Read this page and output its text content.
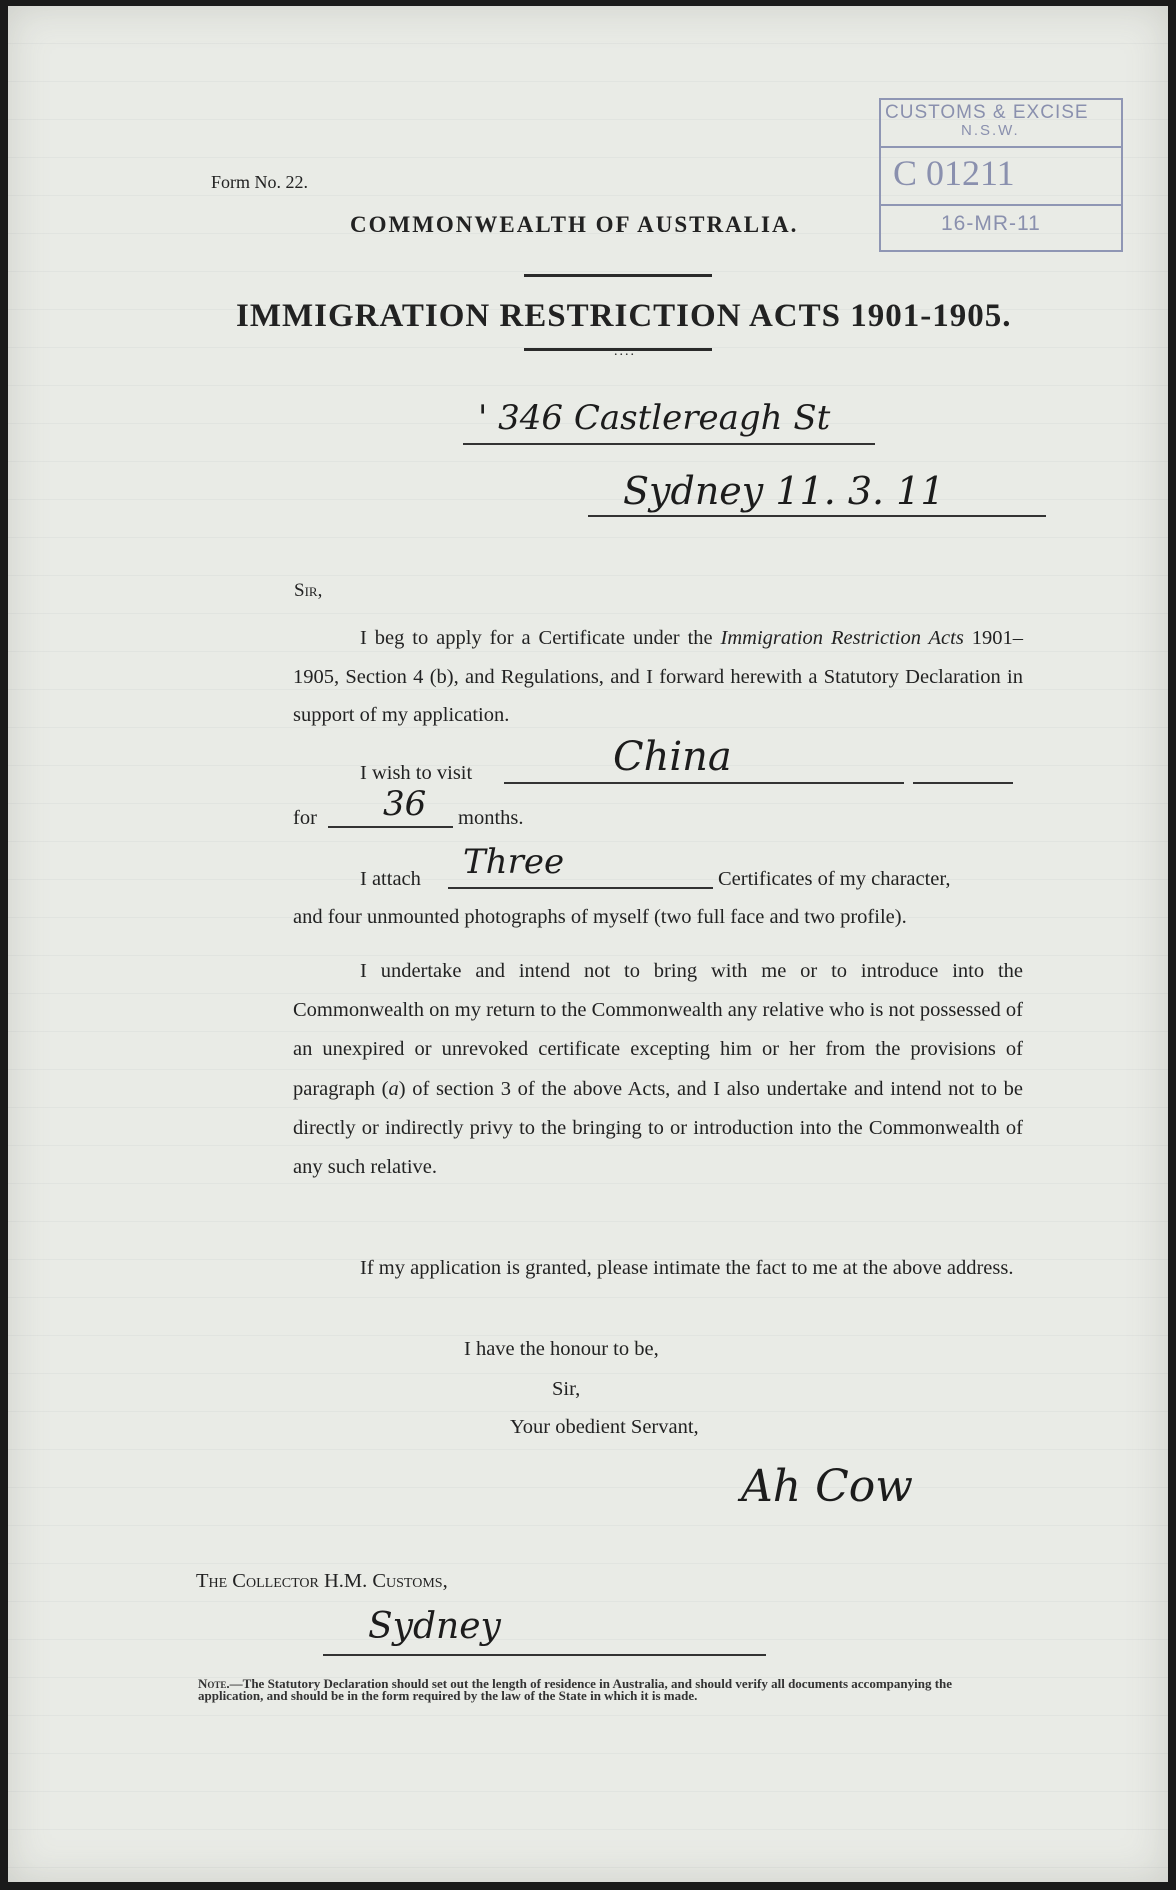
CUSTOMS & EXCISE
N.S.W.
C 01211
16-MR-11
Form No. 22.
COMMONWEALTH OF AUSTRALIA.
IMMIGRATION RESTRICTION ACTS 1901-1905.
....
' 346 Castlereagh St
Sydney 11. 3. 11
Sir,
I beg to apply for a Certificate under the Immigration Restriction Acts 1901–1905, Section 4 (b), and Regulations, and I forward herewith a Statutory Declaration in support of my application.
I wish to visit	China
for 36 months.
I attach Three	Certificates of my character,
and four unmounted photographs of myself (two full face and two profile).
I undertake and intend not to bring with me or to introduce into the Commonwealth on my return to the Commonwealth any relative who is not possessed of an unexpired or unrevoked certificate excepting him or her from the provisions of paragraph (a) of section 3 of the above Acts, and I also undertake and intend not to be directly or indirectly privy to the bringing to or introduction into the Commonwealth of any such relative.
If my application is granted, please intimate the fact to me at the above address.
I have the honour to be,
Sir,
Your obedient Servant,
Ah Cow
The Collector H.M. Customs,
Sydney
Note.—The Statutory Declaration should set out the length of residence in Australia, and should verify all documents accompanying the application, and should be in the form required by the law of the State in which it is made.
